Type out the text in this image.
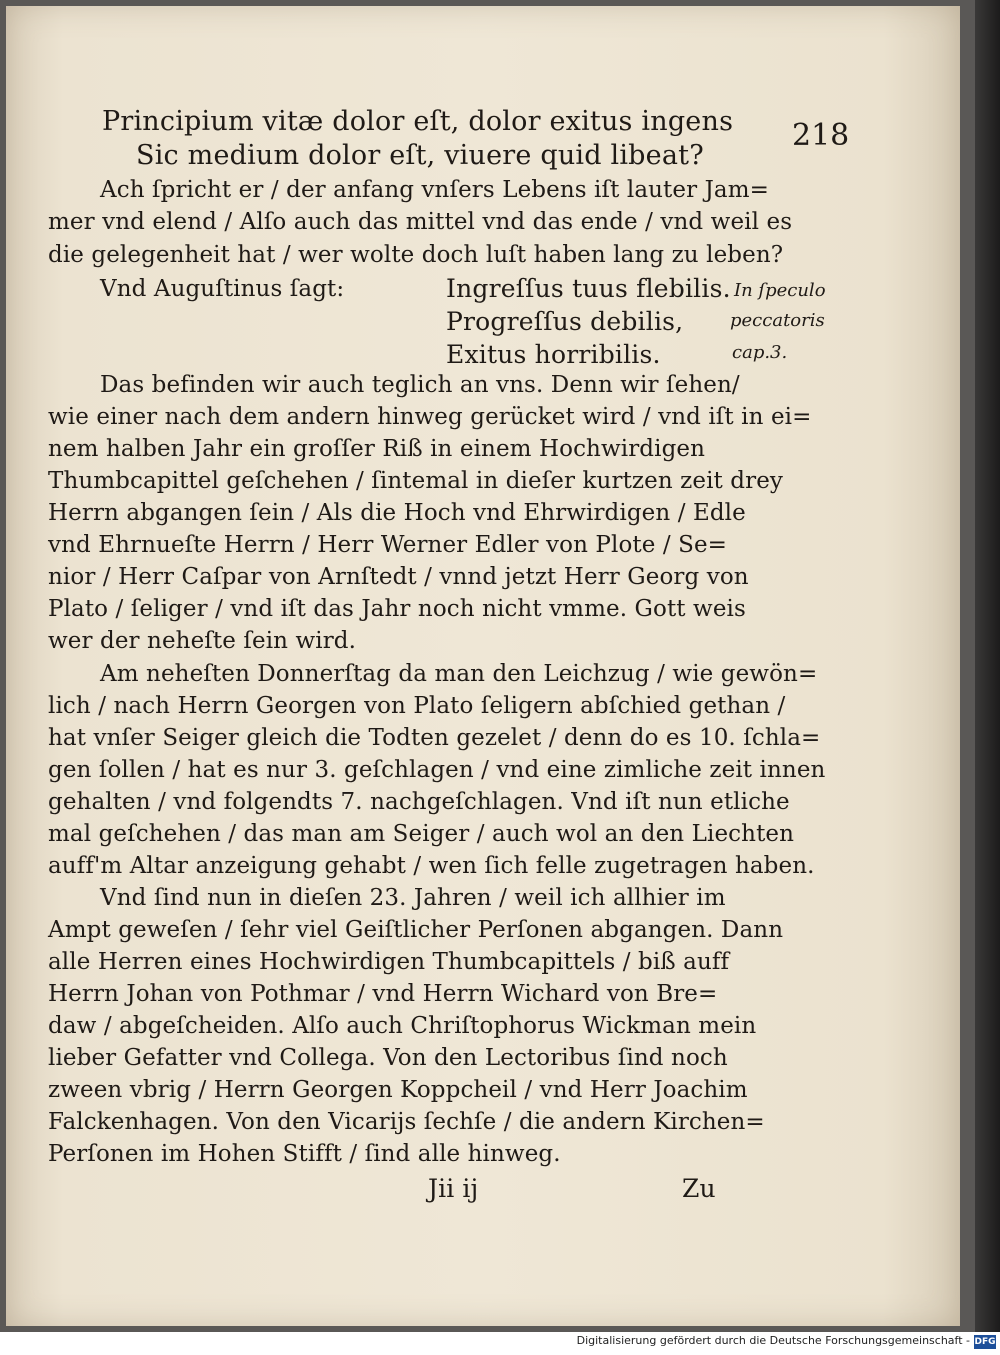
218
Principium vitæ dolor eſt, dolor exitus ingens
Sic medium dolor eſt, viuere quid libeat?
Ach ſpricht er / der anfang vnſers Lebens iſt lauter Jam=
mer vnd elend / Alſo auch das mittel vnd das ende / vnd weil es
die gelegenheit hat / wer wolte doch luſt haben lang zu leben?
Vnd Auguſtinus ſagt:	Ingreſſus tuus flebilis.
Progreſſus debilis,
Exitus horribilis.
In ſpeculo
peccatoris
cap.3.
Das befinden wir auch teglich an vns. Denn wir ſehen/
wie einer nach dem andern hinweg gerücket wird / vnd iſt in ei=
nem halben Jahr ein groſſer Riß in einem Hochwirdigen
Thumbcapittel geſchehen / ſintemal in dieſer kurtzen zeit drey
Herrn abgangen ſein / Als die Hoch vnd Ehrwirdigen / Edle
vnd Ehrnueſte Herrn / Herr Werner Edler von Plote / Se=
nior / Herr Caſpar von Arnſtedt / vnnd jetzt Herr Georg von
Plato / ſeliger / vnd iſt das Jahr noch nicht vmme. Gott weis
wer der neheſte ſein wird.
Am neheſten Donnerſtag da man den Leichzug / wie gewön=
lich / nach Herrn Georgen von Plato ſeligern abſchied gethan /
hat vnſer Seiger gleich die Todten gezelet / denn do es 10. ſchla=
gen ſollen / hat es nur 3. geſchlagen / vnd eine zimliche zeit innen
gehalten / vnd folgendts 7. nachgeſchlagen. Vnd iſt nun etliche
mal geſchehen / das man am Seiger / auch wol an den Liechten
auff'm Altar anzeigung gehabt / wen ſich felle zugetragen haben.
Vnd ſind nun in dieſen 23. Jahren / weil ich allhier im
Ampt geweſen / ſehr viel Geiſtlicher Perſonen abgangen. Dann
alle Herren eines Hochwirdigen Thumbcapittels / biß auff
Herrn Johan von Pothmar / vnd Herrn Wichard von Bre=
daw / abgeſcheiden. Alſo auch Chriſtophorus Wickman mein
lieber Gefatter vnd Collega. Von den Lectoribus ſind noch
zween vbrig / Herrn Georgen Koppcheil / vnd Herr Joachim
Falckenhagen. Von den Vicarijs ſechſe / die andern Kirchen=
Perſonen im Hohen Stifft / ſind alle hinweg.
Jii ij	Zu
Digitalisierung gefördert durch die Deutsche Forschungsgemeinschaft - DFG
